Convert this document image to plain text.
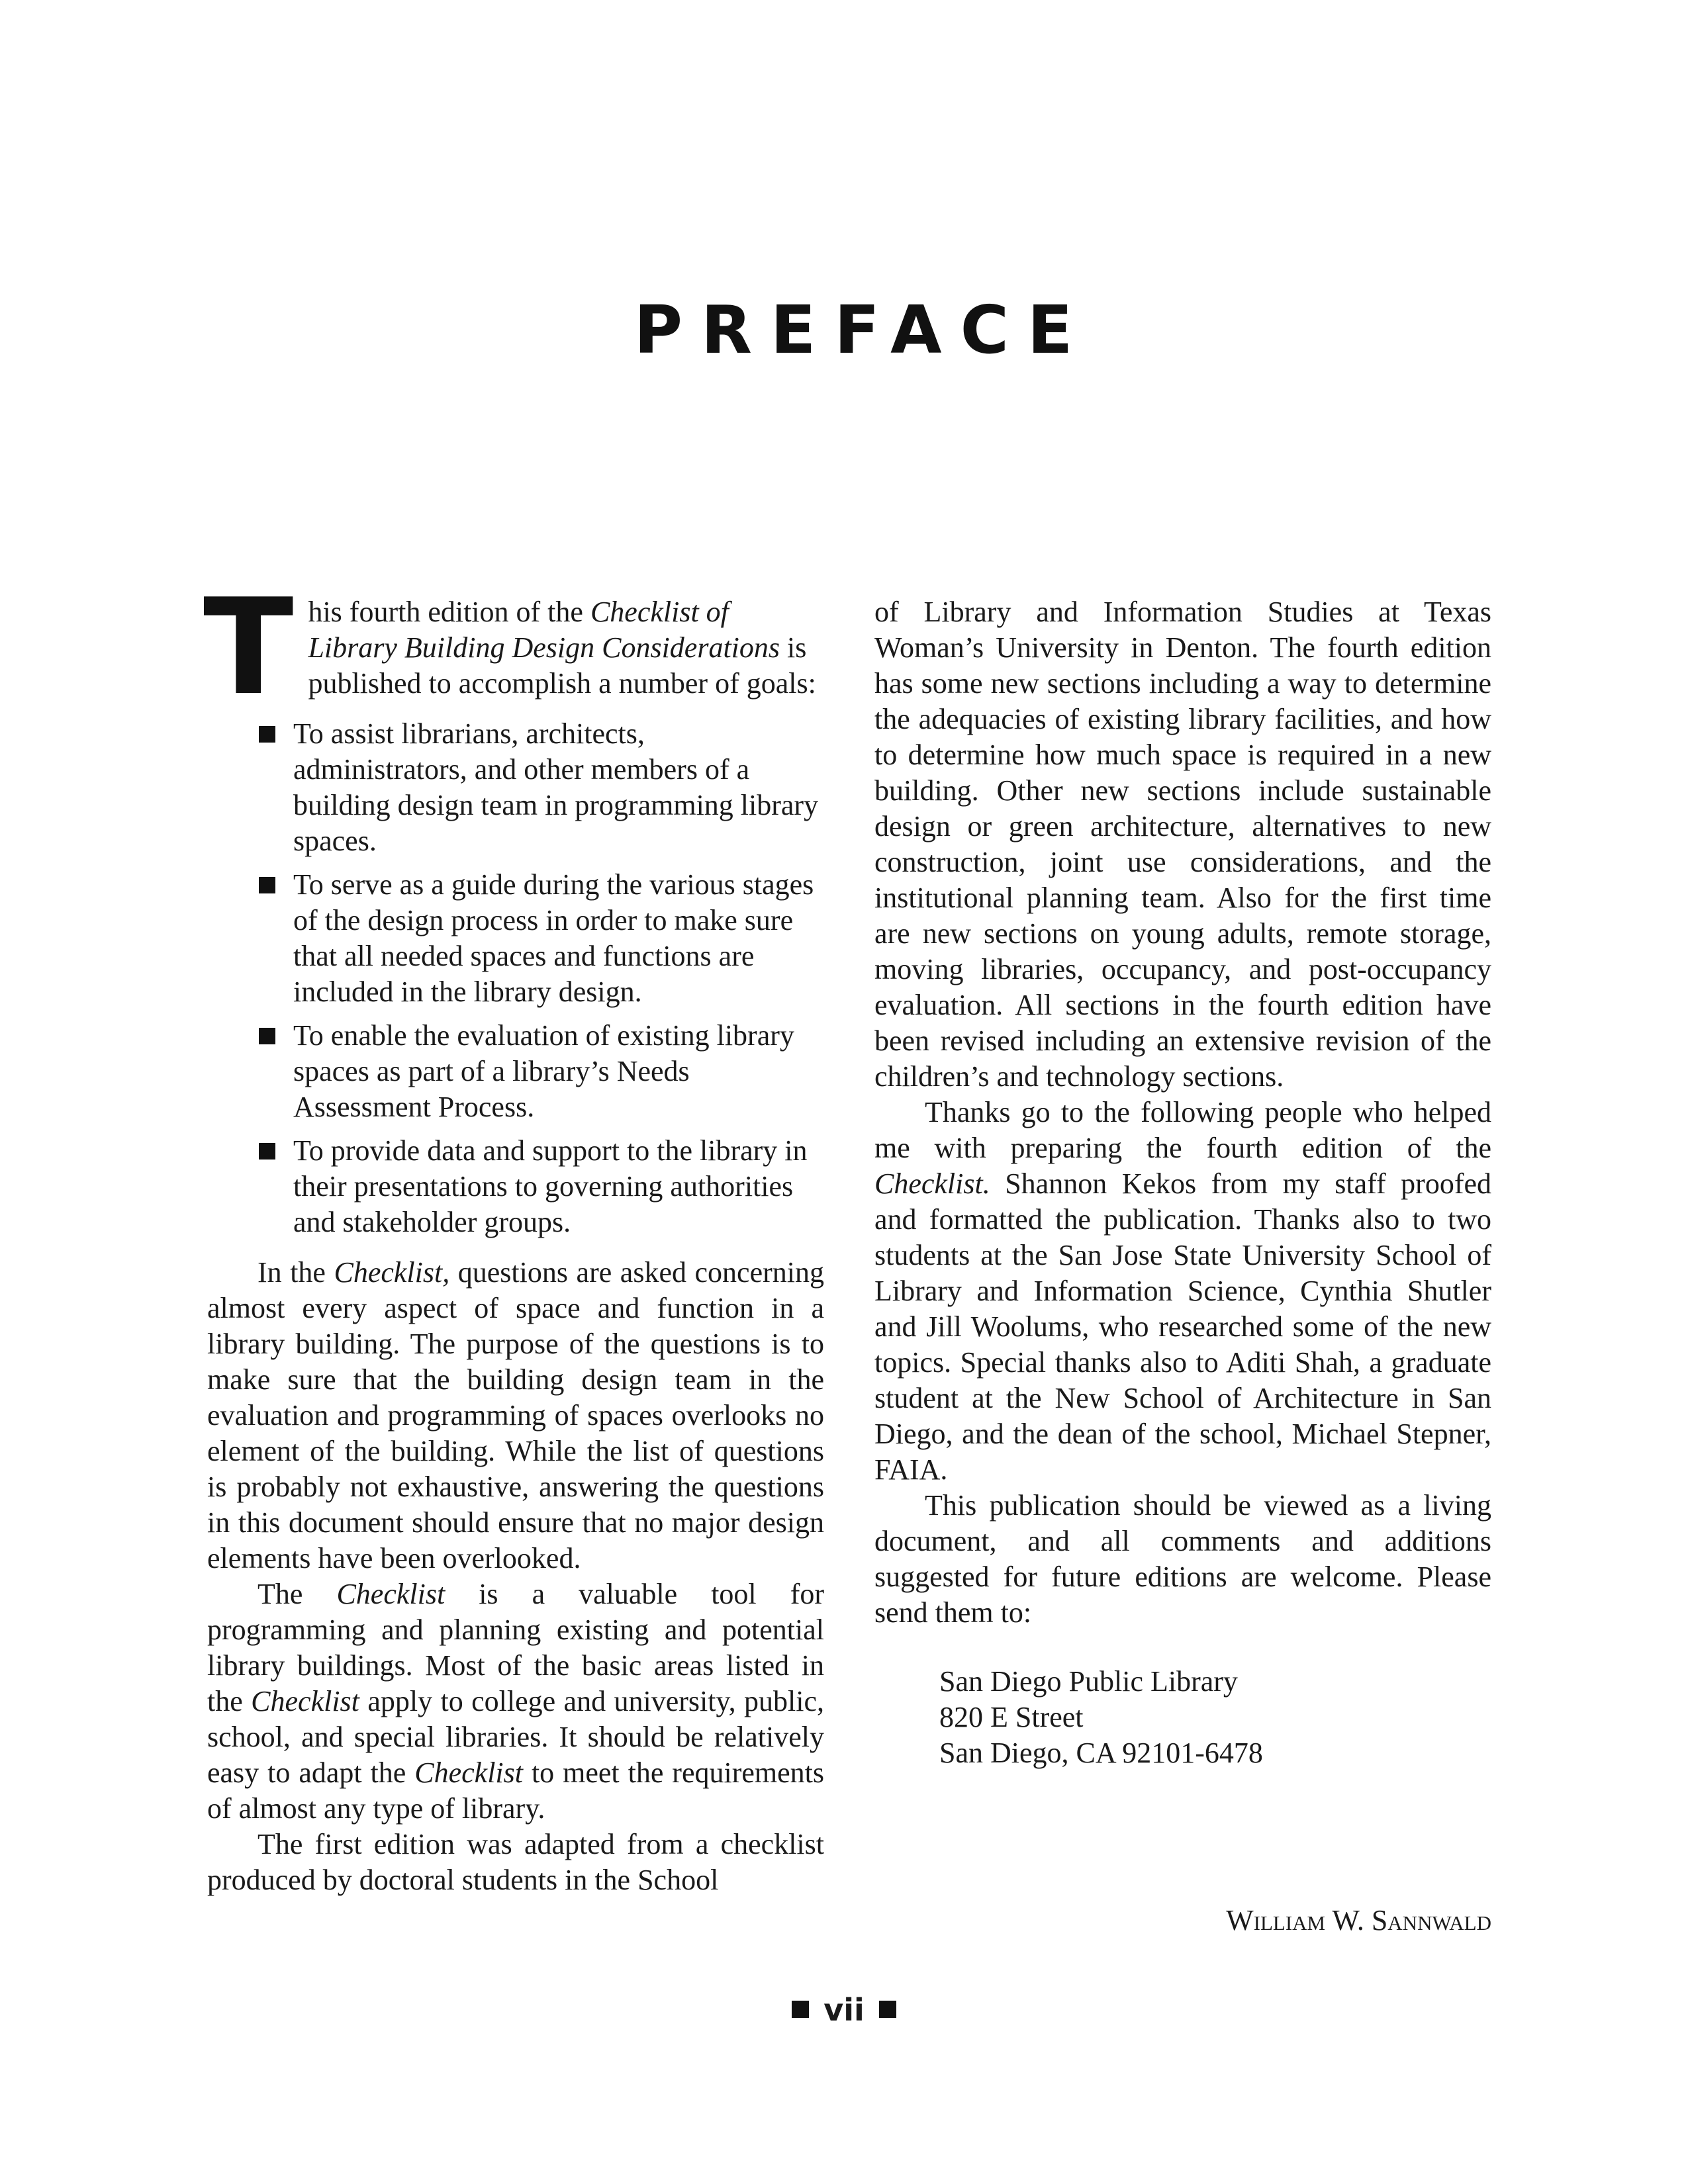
PREFACE

This fourth edition of the Checklist of Library Building Design Considerations is published to accomplish a number of goals:

To assist librarians, architects, administrators, and other members of a building design team in programming library spaces.
To serve as a guide during the various stages of the design process in order to make sure that all needed spaces and functions are included in the library design.
To enable the evaluation of existing library spaces as part of a library’s Needs Assessment Process.
To provide data and support to the library in their presentations to governing authorities and stakeholder groups.

In the Checklist, questions are asked concerning almost every aspect of space and function in a library building. The purpose of the questions is to make sure that the building design team in the evaluation and programming of spaces overlooks no element of the building. While the list of questions is probably not exhaustive, answering the questions in this document should ensure that no major design elements have been overlooked.

The Checklist is a valuable tool for programming and planning existing and potential library buildings. Most of the basic areas listed in the Checklist apply to college and university, public, school, and special libraries. It should be relatively easy to adapt the Checklist to meet the requirements of almost any type of library.

The first edition was adapted from a checklist produced by doctoral students in the School

of Library and Information Studies at Texas Woman’s University in Denton. The fourth edition has some new sections including a way to determine the adequacies of existing library facilities, and how to determine how much space is required in a new building. Other new sections include sustainable design or green architecture, alternatives to new construction, joint use considerations, and the institutional planning team. Also for the first time are new sections on young adults, remote storage, moving libraries, occupancy, and post-occupancy evaluation. All sections in the fourth edition have been revised including an extensive revision of the children’s and technology sections.

Thanks go to the following people who helped me with preparing the fourth edition of the Checklist. Shannon Kekos from my staff proofed and formatted the publication. Thanks also to two students at the San Jose State University School of Library and Information Science, Cynthia Shutler and Jill Woolums, who researched some of the new topics. Special thanks also to Aditi Shah, a graduate student at the New School of Architecture in San Diego, and the dean of the school, Michael Stepner, FAIA.

This publication should be viewed as a living document, and all comments and additions suggested for future editions are welcome. Please send them to:

San Diego Public Library
820 E Street
San Diego, CA 92101-6478
William W. Sannwald
vii
